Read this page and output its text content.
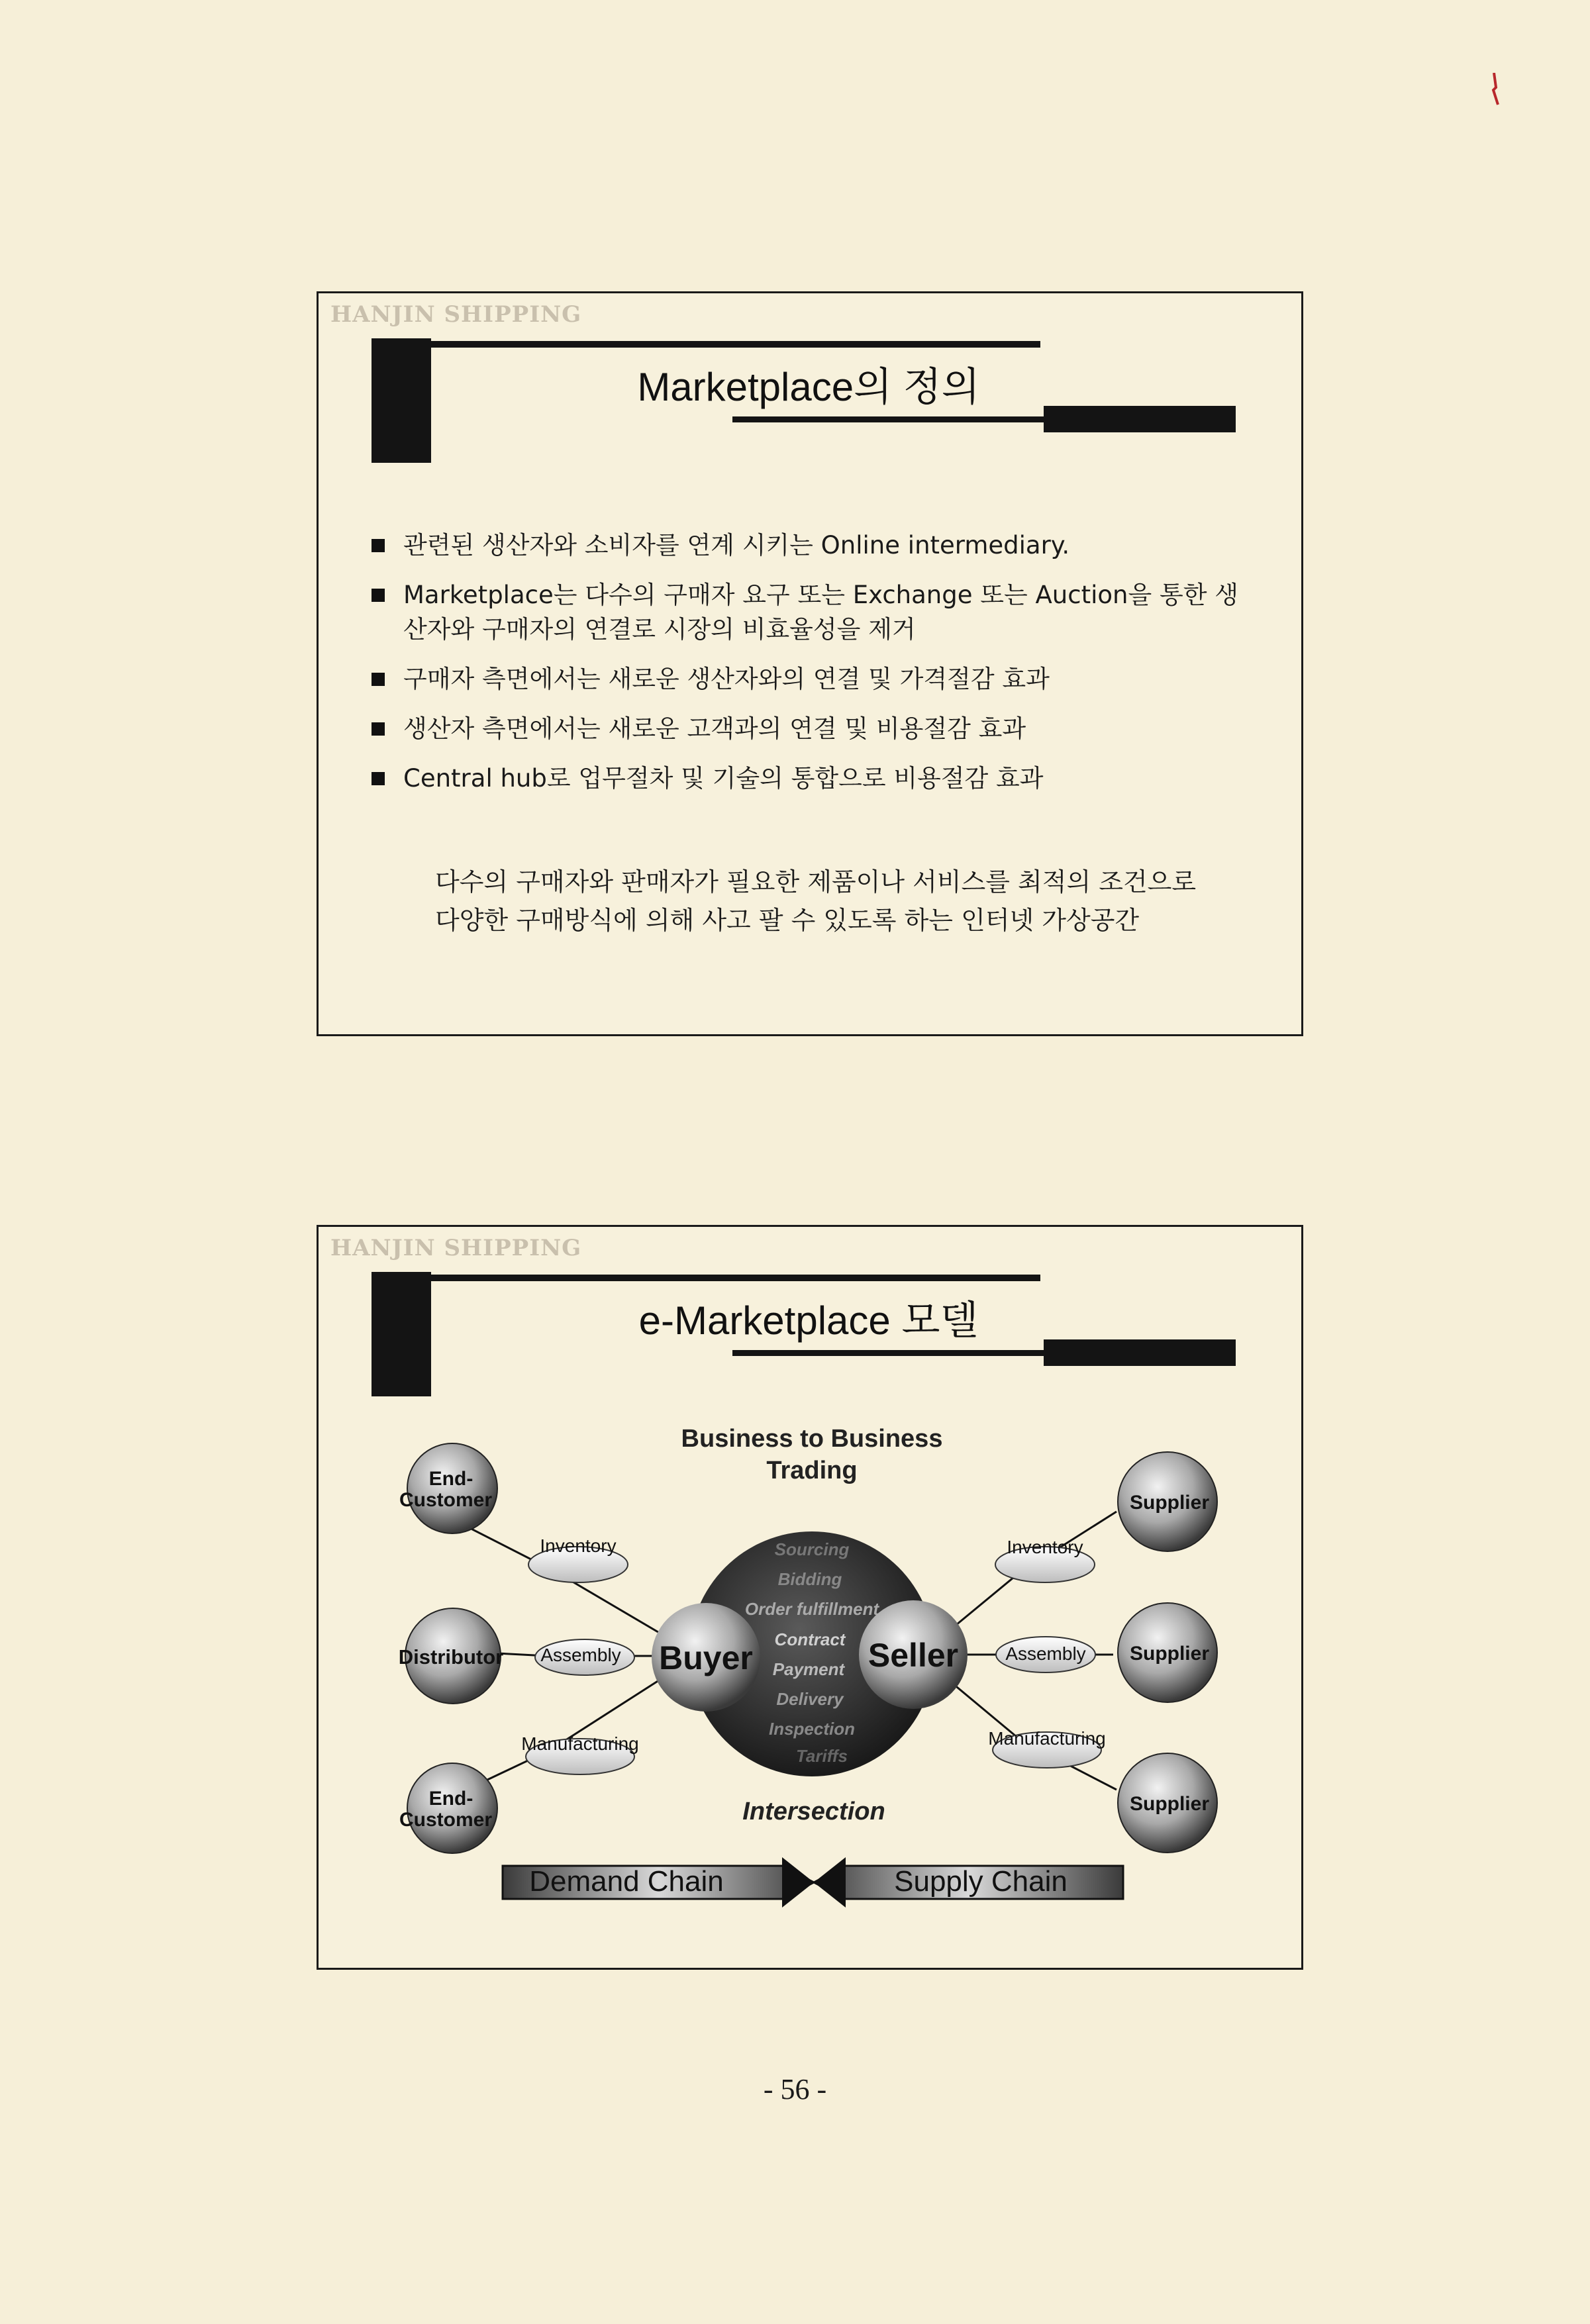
HANJIN SHIPPING
Marketplace의 정의
관련된 생산자와 소비자를 연계 시키는 Online intermediary.
Marketplace는 다수의 구매자 요구 또는 Exchange 또는 Auction을 통한 생산자와 구매자의 연결로 시장의 비효율성을 제거
구매자 측면에서는 새로운 생산자와의 연결 및 가격절감 효과
생산자 측면에서는 새로운 고객과의 연결 및 비용절감 효과
Central hub로 업무절차 및 기술의 통합으로 비용절감 효과

다수의 구매자와 판매자가 필요한 제품이나 서비스를 최적의 조건으로 다양한 구매방식에 의해 사고 팔 수 있도록 하는 인터넷 가상공간

HANJIN SHIPPING
e-Marketplace 모델
Business to Business
Trading
Sourcing
Bidding
Order fulfillment
Contract
Payment
Delivery
Inspection
Tariffs
Buyer	Seller
End-
Customer
Distributor
End-
Customer
Inventory
Assembly
Manufacturing
Inventory
Assembly
Manufacturing
Supplier
Supplier
Supplier
Intersection
Demand Chain	Supply Chain
- 56 -
